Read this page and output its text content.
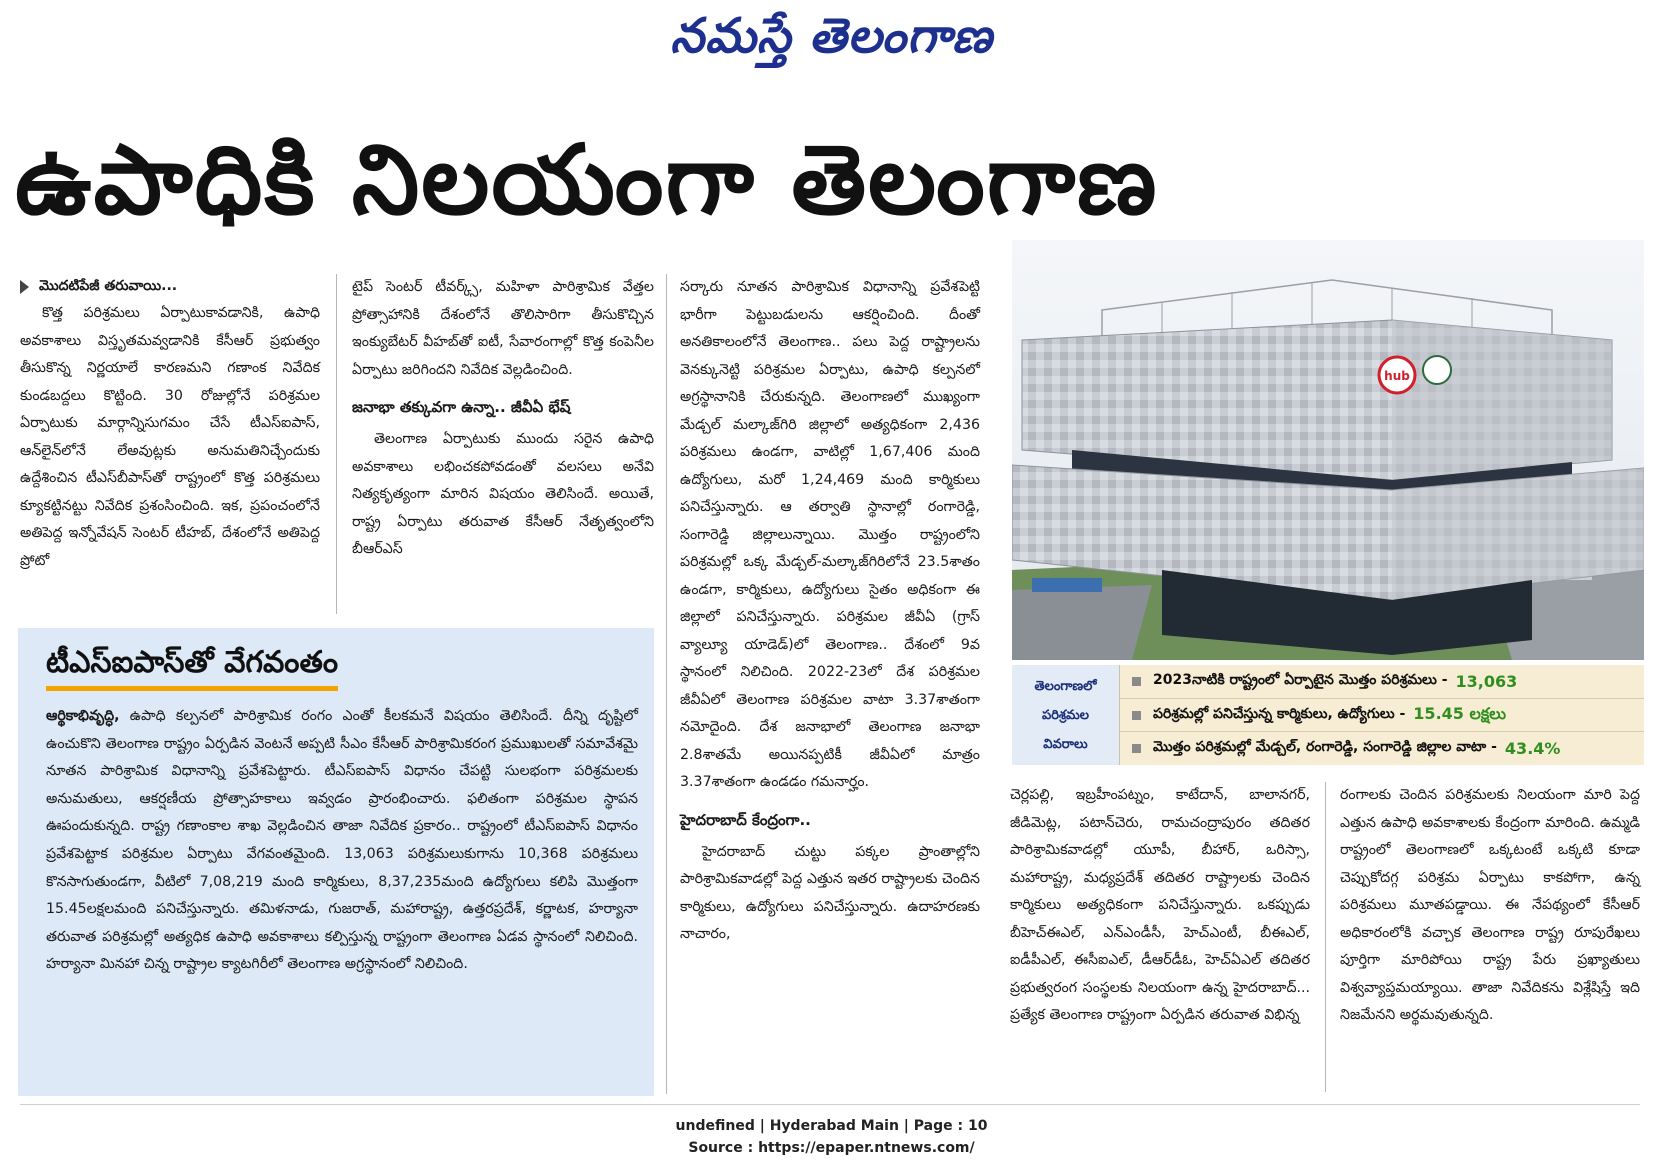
నమస్తే తెలంగాణ
ఉపాధికి నిలయంగా తెలంగాణ
మొదటిపేజీ తరువాయి...

కొత్త పరిశ్రమలు ఏర్పాటుకావడానికి, ఉపాధి అవకాశాలు విస్తృతమవ్వడానికి కేసీఆర్ ప్రభుత్వం తీసుకొన్న నిర్ణయాలే కారణమని గణాంక నివేదిక కుండబద్దలు కొట్టింది. 30 రోజుల్లోనే పరిశ్రమల ఏర్పాటుకు మార్గాన్నిసుగమం చేసే టీఎస్ఐపాస్, ఆన్‌లైన్‌లోనే లేఅవుట్లకు అనుమతినిచ్చేందుకు ఉద్దేశించిన టీఎస్‌బీపాస్‌తో రాష్ట్రంలో కొత్త పరిశ్రమలు క్యూకట్టినట్టు నివేదిక ప్రశంసించింది. ఇక, ప్రపంచంలోనే అతిపెద్ద ఇన్నోవేషన్ సెంటర్ టీహబ్, దేశంలోనే అతిపెద్ద ప్రోటో

టైప్ సెంటర్ టీవర్క్స్, మహిళా పారిశ్రామిక వేత్తల ప్రోత్సాహానికి దేశంలోనే తొలిసారిగా తీసుకొచ్చిన ఇంక్యుబేటర్ వీహబ్‌తో ఐటీ, సేవారంగాల్లో కొత్త కంపెనీల ఏర్పాటు జరిగిందని నివేదిక వెల్లడించింది.

జనాభా తక్కువగా ఉన్నా.. జీవీఏ భేష్

తెలంగాణ ఏర్పాటుకు ముందు సరైన ఉపాధి అవకాశాలు లభించకపోవడంతో వలసలు అనేవి నిత్యకృత్యంగా మారిన విషయం తెలిసిందే. అయితే, రాష్ట్ర ఏర్పాటు తరువాత కేసీఆర్ నేతృత్వంలోని బీఆర్ఎస్

సర్కారు నూతన పారిశ్రామిక విధానాన్ని ప్రవేశపెట్టి భారీగా పెట్టుబడులను ఆకర్షించింది. దీంతో అనతికాలంలోనే తెలంగాణ.. పలు పెద్ద రాష్ట్రాలను వెనక్కునెట్టి పరిశ్రమల ఏర్పాటు, ఉపాధి కల్పనలో అగ్రస్థానానికి చేరుకున్నది. తెలంగాణలో ముఖ్యంగా మేడ్చల్ మల్కాజ్‌గిరి జిల్లాలో అత్యధికంగా 2,436 పరిశ్రమలు ఉండగా, వాటిల్లో 1,67,406 మంది ఉద్యోగులు, మరో 1,24,469 మంది కార్మికులు పనిచేస్తున్నారు. ఆ తర్వాతి స్థానాల్లో రంగారెడ్డి, సంగారెడ్డి జిల్లాలున్నాయి. మొత్తం రాష్ట్రంలోని పరిశ్రమల్లో ఒక్క మేడ్చల్-మల్కాజ్‌గిరిలోనే 23.5శాతం ఉండగా, కార్మికులు, ఉద్యోగులు సైతం అధికంగా ఈ జిల్లాలో పనిచేస్తున్నారు. పరిశ్రమల జీవీఏ (గ్రాస్ వ్యాల్యూ యాడెడ్)లో తెలంగాణ.. దేశంలో 9వ స్థానంలో నిలిచింది. 2022-23లో దేశ పరిశ్రమల జీవీఏలో తెలంగాణ పరిశ్రమల వాటా 3.37శాతంగా నమోదైంది. దేశ జనాభాలో తెలంగాణ జనాభా 2.8శాతమే అయినప్పటికీ జీవీఏలో మాత్రం 3.37శాతంగా ఉండడం గమనార్హం.

హైదరాబాద్ కేంద్రంగా..

హైదరాబాద్ చుట్టు పక్కల ప్రాంతాల్లోని పారిశ్రామికవాడల్లో పెద్ద ఎత్తున ఇతర రాష్ట్రాలకు చెందిన కార్మికులు, ఉద్యోగులు పనిచేస్తున్నారు. ఉదాహరణకు నాచారం,

టీఎస్ఐపాస్‌తో వేగవంతం
ఆర్థికాభివృద్ధి, ఉపాధి కల్పనలో పారిశ్రామిక రంగం ఎంతో కీలకమనే విషయం తెలిసిందే. దీన్ని దృష్టిలో ఉంచుకొని తెలంగాణ రాష్ట్రం ఏర్పడిన వెంటనే అప్పటి సీఎం కేసీఆర్ పారిశ్రామికరంగ ప్రముఖులతో సమావేశమై నూతన పారిశ్రామిక విధానాన్ని ప్రవేశపెట్టారు. టీఎస్ఐపాస్ విధానం చేపట్టి సులభంగా పరిశ్రమలకు అనుమతులు, ఆకర్షణీయ ప్రోత్సాహకాలు ఇవ్వడం ప్రారంభించారు. ఫలితంగా పరిశ్రమల స్థాపన ఊపందుకున్నది. రాష్ట్ర గణాంకాల శాఖ వెల్లడించిన తాజా నివేదిక ప్రకారం.. రాష్ట్రంలో టీఎస్ఐపాస్ విధానం ప్రవేశపెట్టాక పరిశ్రమల ఏర్పాటు వేగవంతమైంది. 13,063 పరిశ్రమలుకుగాను 10,368 పరిశ్రమలు కొనసాగుతుండగా, వీటిలో 7,08,219 మంది కార్మికులు, 8,37,235మంది ఉద్యోగులు కలిపి మొత్తంగా 15.45లక్షలమంది పనిచేస్తున్నారు. తమిళనాడు, గుజరాత్, మహారాష్ట్ర, ఉత్తరప్రదేశ్, కర్ణాటక, హర్యానా తరువాత పరిశ్రమల్లో అత్యధిక ఉపాధి అవకాశాలు కల్పిస్తున్న రాష్ట్రంగా తెలంగాణ ఏడవ స్థానంలో నిలిచింది. హర్యానా మినహా చిన్న రాష్ట్రాల క్యాటగిరీలో తెలంగాణ అగ్రస్థానంలో నిలిచింది.
hub
తెలంగాణలో
పరిశ్రమల
వివరాలు
2023నాటికి రాష్ట్రంలో ఏర్పాటైన మొత్తం పరిశ్రమలు - 13,063
పరిశ్రమల్లో పనిచేస్తున్న కార్మికులు, ఉద్యోగులు - 15.45 లక్షలు
మొత్తం పరిశ్రమల్లో మేడ్చల్, రంగారెడ్డి, సంగారెడ్డి జిల్లాల వాటా - 43.4%

చెర్లపల్లి, ఇబ్రహీంపట్నం, కాటేదాన్, బాలానగర్, జీడిమెట్ల, పటాన్‌చెరు, రామచంద్రాపురం తదితర పారిశ్రామికవాడల్లో యూపీ, బీహార్, ఒరిస్సా, మహారాష్ట్ర, మధ్యప్రదేశ్ తదితర రాష్ట్రాలకు చెందిన కార్మికులు అత్యధికంగా పనిచేస్తున్నారు. ఒకప్పుడు బీహెచ్ఈఎల్, ఎన్ఎండీసీ, హెచ్ఎంటీ, బీఈఎల్, ఐడీపీఎల్, ఈసీఐఎల్, డీఆర్‌డీఓ, హెచ్ఏఎల్ తదితర ప్రభుత్వరంగ సంస్థలకు నిలయంగా ఉన్న హైదరాబాద్... ప్రత్యేక తెలంగాణ రాష్ట్రంగా ఏర్పడిన తరువాత విభిన్న

రంగాలకు చెందిన పరిశ్రమలకు నిలయంగా మారి పెద్ద ఎత్తున ఉపాధి అవకాశాలకు కేంద్రంగా మారింది. ఉమ్మడి రాష్ట్రంలో తెలంగాణలో ఒక్కటంటే ఒక్కటి కూడా చెప్పుకోదగ్గ పరిశ్రమ ఏర్పాటు కాకపోగా, ఉన్న పరిశ్రమలు మూతపడ్డాయి. ఈ నేపథ్యంలో కేసీఆర్ అధికారంలోకి వచ్చాక తెలంగాణ రాష్ట్ర రూపురేఖలు పూర్తిగా మారిపోయి రాష్ట్ర పేరు ప్రఖ్యాతులు విశ్వవ్యాప్తమయ్యాయి. తాజా నివేదికను విశ్లేషిస్తే ఇది నిజమేనని అర్థమవుతున్నది.

undefined | Hyderabad Main | Page : 10
Source : https://epaper.ntnews.com/
